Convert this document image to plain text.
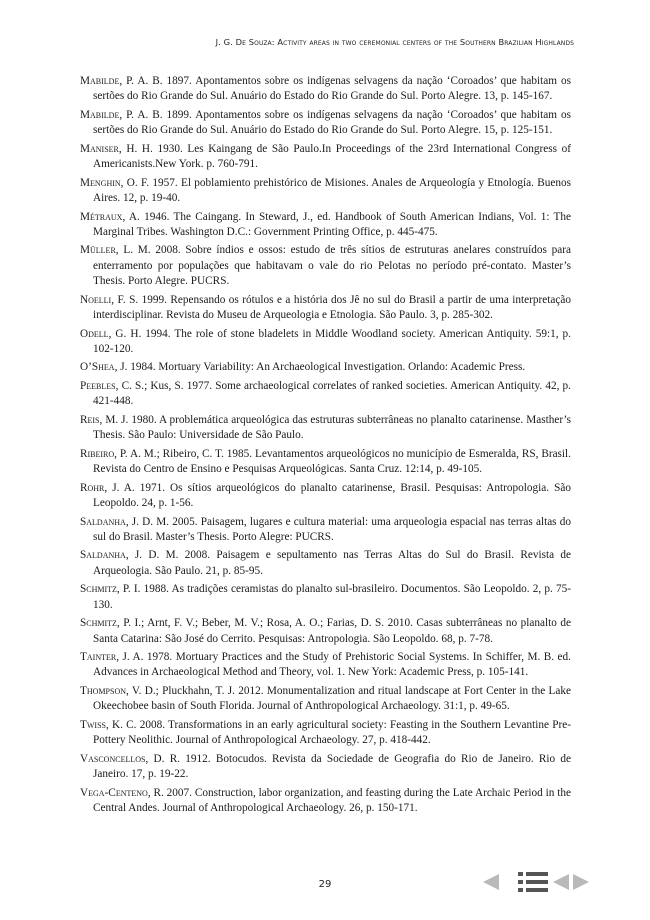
J. G. De Souza: Activity areas in two ceremonial centers of the Southern Brazilian Highlands

Mabilde, P. A. B. 1897. Apontamentos sobre os indígenas selvagens da nação ‘Coroados’ que habitam os sertões do Rio Grande do Sul. Anuário do Estado do Rio Grande do Sul. Porto Alegre. 13, p. 145-167.

Mabilde, P. A. B. 1899. Apontamentos sobre os indígenas selvagens da nação ‘Coroados’ que habitam os sertões do Rio Grande do Sul. Anuário do Estado do Rio Grande do Sul. Porto Alegre. 15, p. 125-151.

Maniser, H. H. 1930. Les Kaingang de São Paulo.In Proceedings of the 23rd International Congress of Americanists.New York. p. 760-791.

Menghin, O. F. 1957. El poblamiento prehistórico de Misiones. Anales de Arqueología y Etnología. Buenos Aires. 12, p. 19-40.

Métraux, A. 1946. The Caingang. In Steward, J., ed. Handbook of South American Indians, Vol. 1: The Marginal Tribes. Washington D.C.: Government Printing Office, p. 445-475.

Müller, L. M. 2008. Sobre índios e ossos: estudo de três sítios de estruturas anelares construídos para enterramento por populações que habitavam o vale do rio Pelotas no período pré-contato. Master’s Thesis. Porto Alegre. PUCRS.

Noelli, F. S. 1999. Repensando os rótulos e a história dos Jê no sul do Brasil a partir de uma interpretação interdisciplinar. Revista do Museu de Arqueologia e Etnologia. São Paulo. 3, p. 285-302.

Odell, G. H. 1994. The role of stone bladelets in Middle Woodland society. American Antiquity. 59:1, p. 102-120.

O’Shea, J. 1984. Mortuary Variability: An Archaeological Investigation. Orlando: Academic Press.

Peebles, C. S.; Kus, S. 1977. Some archaeological correlates of ranked societies. American Antiquity. 42, p. 421-448.

Reis, M. J. 1980. A problemática arqueológica das estruturas subterrâneas no planalto catarinense. Masther’s Thesis. São Paulo: Universidade de São Paulo.

Ribeiro, P. A. M.; Ribeiro, C. T. 1985. Levantamentos arqueológicos no município de Esmeralda, RS, Brasil. Revista do Centro de Ensino e Pesquisas Arqueológicas. Santa Cruz. 12:14, p. 49-105.

Rohr, J. A. 1971. Os sítios arqueológicos do planalto catarinense, Brasil. Pesquisas: Antropologia. São Leopoldo. 24, p. 1-56.

Saldanha, J. D. M. 2005. Paisagem, lugares e cultura material: uma arqueologia espacial nas terras altas do sul do Brasil. Master’s Thesis. Porto Alegre: PUCRS.

Saldanha, J. D. M. 2008. Paisagem e sepultamento nas Terras Altas do Sul do Brasil. Revista de Arqueologia. São Paulo. 21, p. 85-95.

Schmitz, P. I. 1988. As tradições ceramistas do planalto sul-brasileiro. Documentos. São Leopoldo. 2, p. 75-130.

Schmitz, P. I.; Arnt, F. V.; Beber, M. V.; Rosa, A. O.; Farias, D. S. 2010. Casas subterrâneas no planalto de Santa Catarina: São José do Cerrito. Pesquisas: Antropologia. São Leopoldo. 68, p. 7-78.

Tainter, J. A. 1978. Mortuary Practices and the Study of Prehistoric Social Systems. In Schiffer, M. B. ed. Advances in Archaeological Method and Theory, vol. 1. New York: Academic Press, p. 105-141.

Thompson, V. D.; Pluckhahn, T. J. 2012. Monumentalization and ritual landscape at Fort Center in the Lake Okeechobee basin of South Florida. Journal of Anthropological Archaeology. 31:1, p. 49-65.

Twiss, K. C. 2008. Transformations in an early agricultural society: Feasting in the Southern Levantine Pre-Pottery Neolithic. Journal of Anthropological Archaeology. 27, p. 418-442.

Vasconcellos, D. R. 1912. Botocudos. Revista da Sociedade de Geografia do Rio de Janeiro. Rio de Janeiro. 17, p. 19-22.

Vega-Centeno, R. 2007. Construction, labor organization, and feasting during the Late Archaic Period in the Central Andes. Journal of Anthropological Archaeology. 26, p. 150-171.

29
